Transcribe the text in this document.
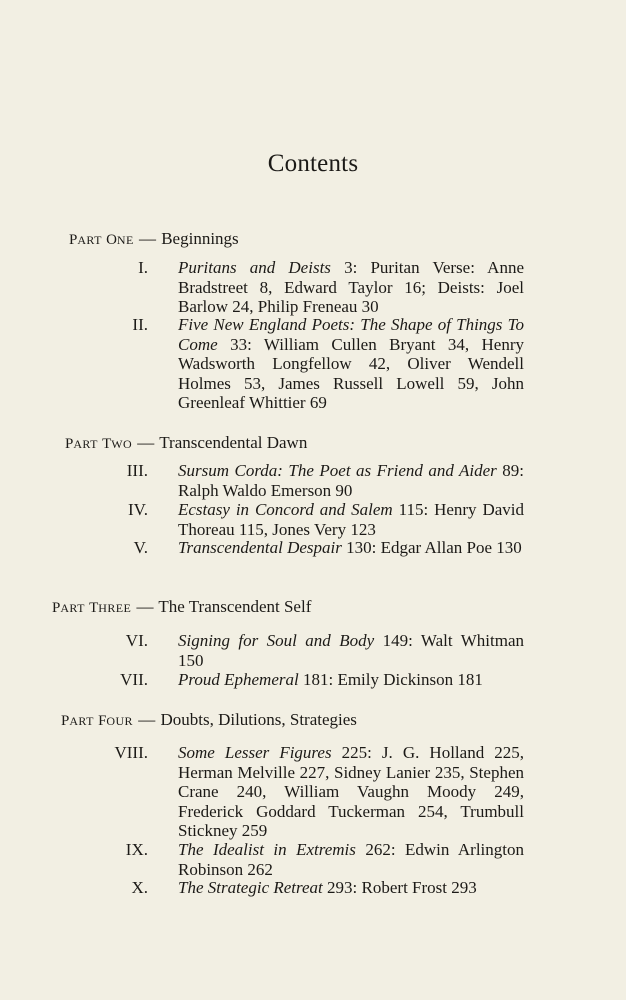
Contents
PART ONE — Beginnings
I. Puritans and Deists 3: Puritan Verse: Anne Bradstreet 8, Edward Taylor 16; Deists: Joel Barlow 24, Philip Freneau 30
II. Five New England Poets: The Shape of Things To Come 33: William Cullen Bryant 34, Henry Wadsworth Longfellow 42, Oliver Wendell Holmes 53, James Russell Lowell 59, John Greenleaf Whittier 69
PART TWO — Transcendental Dawn
III. Sursum Corda: The Poet as Friend and Aider 89: Ralph Waldo Emerson 90
IV. Ecstasy in Concord and Salem 115: Henry David Thoreau 115, Jones Very 123
V. Transcendental Despair 130: Edgar Allan Poe 130
PART THREE — The Transcendent Self
VI. Signing for Soul and Body 149: Walt Whitman 150
VII. Proud Ephemeral 181: Emily Dickinson 181
PART FOUR — Doubts, Dilutions, Strategies
VIII. Some Lesser Figures 225: J. G. Holland 225, Herman Melville 227, Sidney Lanier 235, Stephen Crane 240, William Vaughn Moody 249, Frederick Goddard Tuckerman 254, Trumbull Stickney 259
IX. The Idealist in Extremis 262: Edwin Arlington Robinson 262
X. The Strategic Retreat 293: Robert Frost 293
